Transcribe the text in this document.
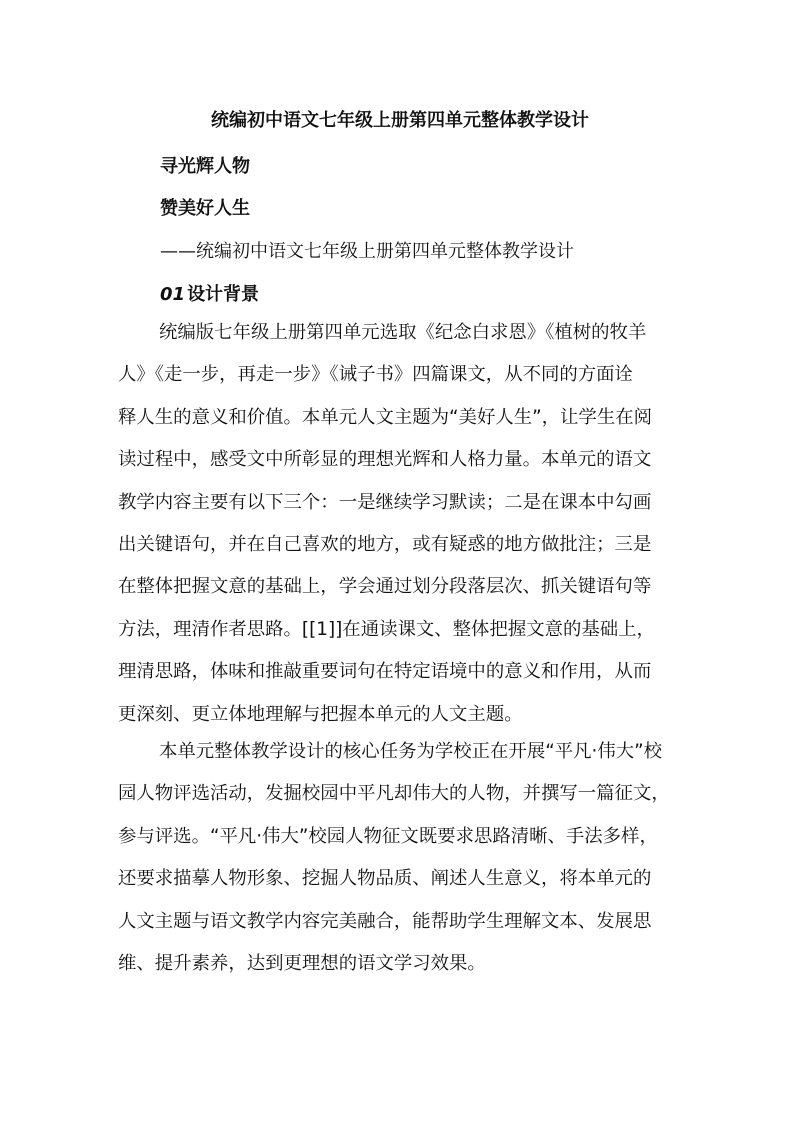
统编初中语文七年级上册第四单元整体教学设计
寻光辉人物
赞美好人生
——统编初中语文七年级上册第四单元整体教学设计
01 设计背景
统编版七年级上册第四单元选取《纪念白求恩》《植树的牧羊
人》《走一步，再走一步》《诫子书》四篇课文，从不同的方面诠
释人生的意义和价值。本单元人文主题为“美好人生”，让学生在阅
读过程中，感受文中所彰显的理想光辉和人格力量。本单元的语文
教学内容主要有以下三个：一是继续学习默读；二是在课本中勾画
出关键语句，并在自己喜欢的地方，或有疑惑的地方做批注；三是
在整体把握文意的基础上，学会通过划分段落层次、抓关键语句等
方法，理清作者思路。[[1]]在通读课文、整体把握文意的基础上，
理清思路，体味和推敲重要词句在特定语境中的意义和作用，从而
更深刻、更立体地理解与把握本单元的人文主题。
本单元整体教学设计的核心任务为学校正在开展“平凡·伟大”校
园人物评选活动，发掘校园中平凡却伟大的人物，并撰写一篇征文，
参与评选。“平凡·伟大”校园人物征文既要求思路清晰、手法多样，
还要求描摹人物形象、挖掘人物品质、阐述人生意义，将本单元的
人文主题与语文教学内容完美融合，能帮助学生理解文本、发展思
维、提升素养，达到更理想的语文学习效果。
